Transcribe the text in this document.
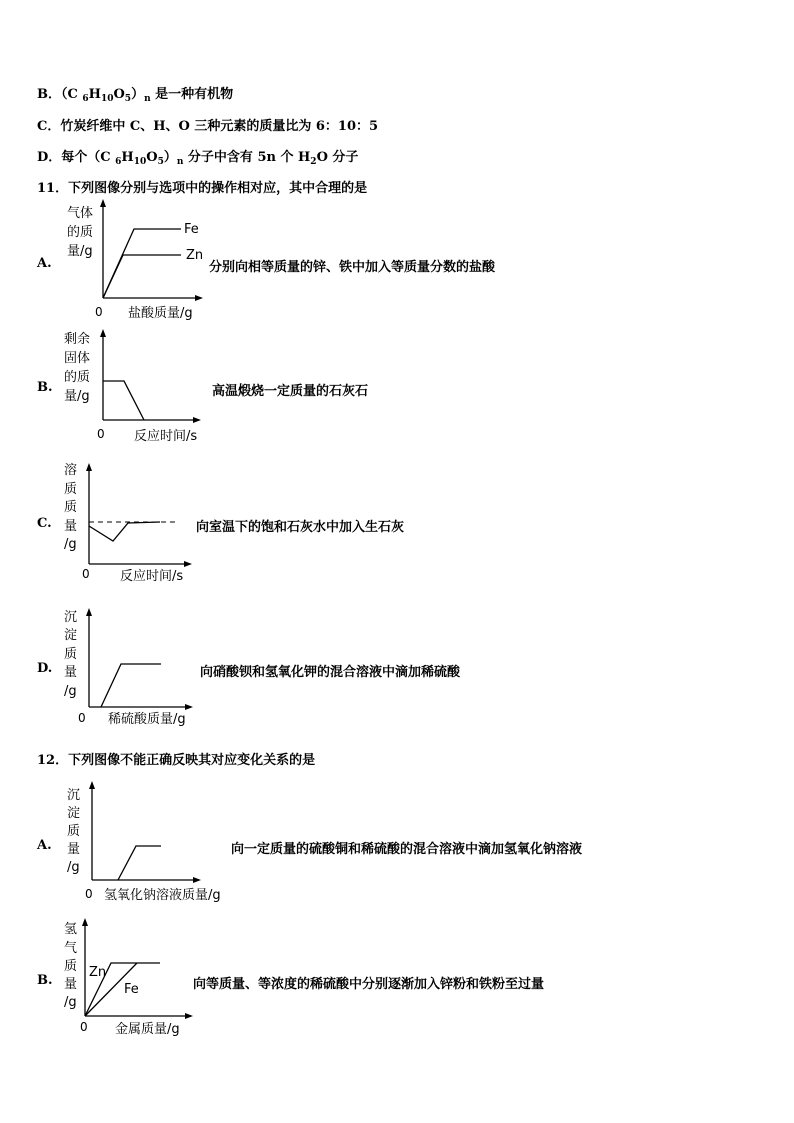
B．（C $_6H_{10}O_5)_n$ 是一种有机物
C．竹炭纤维中 C、H、O 三种元素的质量比为 6：10：5
D．每个（C $_6H_{10}O_5)_n$ 分子中含有 5n 个 $H_2O$ 分子
11．下列图像分别与选项中的操作相对应，其中合理的是
A.
气体
的质
量/g
0 盐酸质量/g
Fe
Zn
分别向相等质量的锌、铁中加入等质量分数的盐酸
B.
剩余
固体
的质
量/g
0 反应时间/s
高温煅烧一定质量的石灰石
C.
溶
质
质
量
/g
0 反应时间/s
向室温下的饱和石灰水中加入生石灰
D.
沉
淀
质
量
/g
0 稀硫酸质量/g
向硝酸钡和氢氧化钾的混合溶液中滴加稀硫酸
12．下列图像不能正确反映其对应变化关系的是
A.
沉
淀
质
量
/g
0 氢氧化钠溶液质量/g
向一定质量的硫酸铜和稀硫酸的混合溶液中滴加氢氧化钠溶液
B.
氢
气
质
量
/g
0 金属质量/g
Zn
Fe	向等质量、等浓度的稀硫酸中分别逐渐加入锌粉和铁粉至过量
